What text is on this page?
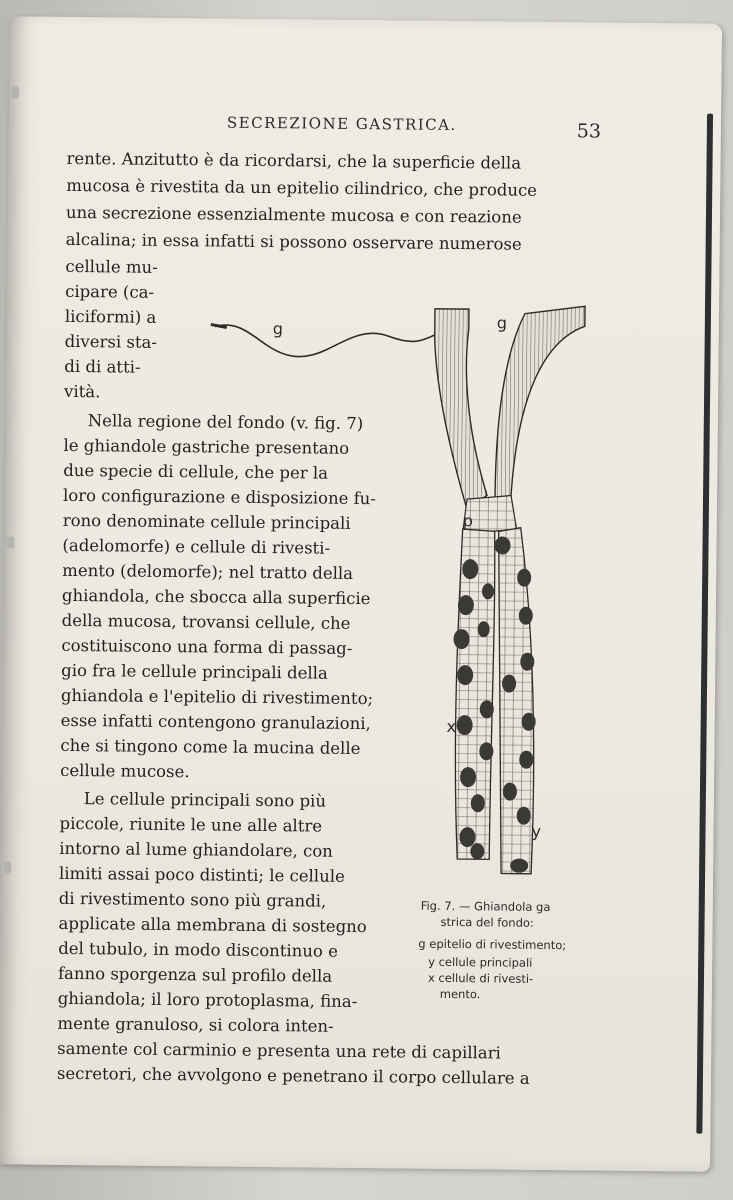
SECREZIONE GASTRICA.	53
rente. Anzitutto è da ricordarsi, che la superficie della
mucosa è rivestita da un epitelio cilindrico, che produce
una secrezione essenzialmente mucosa e con reazione
alcalina; in essa infatti si possono osservare numerose
cellule mu-
cipare (ca-
liciformi) a
diversi sta-
di di atti-
vità.
Nella regione del fondo (v. fig. 7)
le ghiandole gastriche presentano
due specie di cellule, che per la
loro configurazione e disposizione fu-
rono denominate cellule principali
(adelomorfe) e cellule di rivesti-
mento (delomorfe); nel tratto della
ghiandola, che sbocca alla superficie
della mucosa, trovansi cellule, che
costituiscono una forma di passag-
gio fra le cellule principali della
ghiandola e l'epitelio di rivestimento;
esse infatti contengono granulazioni,
che si tingono come la mucina delle
cellule mucose.
Le cellule principali sono più
piccole, riunite le une alle altre
intorno al lume ghiandolare, con
limiti assai poco distinti; le cellule
di rivestimento sono più grandi,
applicate alla membrana di sostegno
del tubulo, in modo discontinuo e
fanno sporgenza sul profilo della
ghiandola; il loro protoplasma, fina-
mente granuloso, si colora inten-
samente col carminio e presenta una rete di capillari
secretori, che avvolgono e penetrano il corpo cellulare a
g	g
p
x
y
Fig. 7. — Ghiandola ga
strica del fondo:
g epitelio di rivestimento;
y cellule principali
x cellule di rivesti-
mento.
